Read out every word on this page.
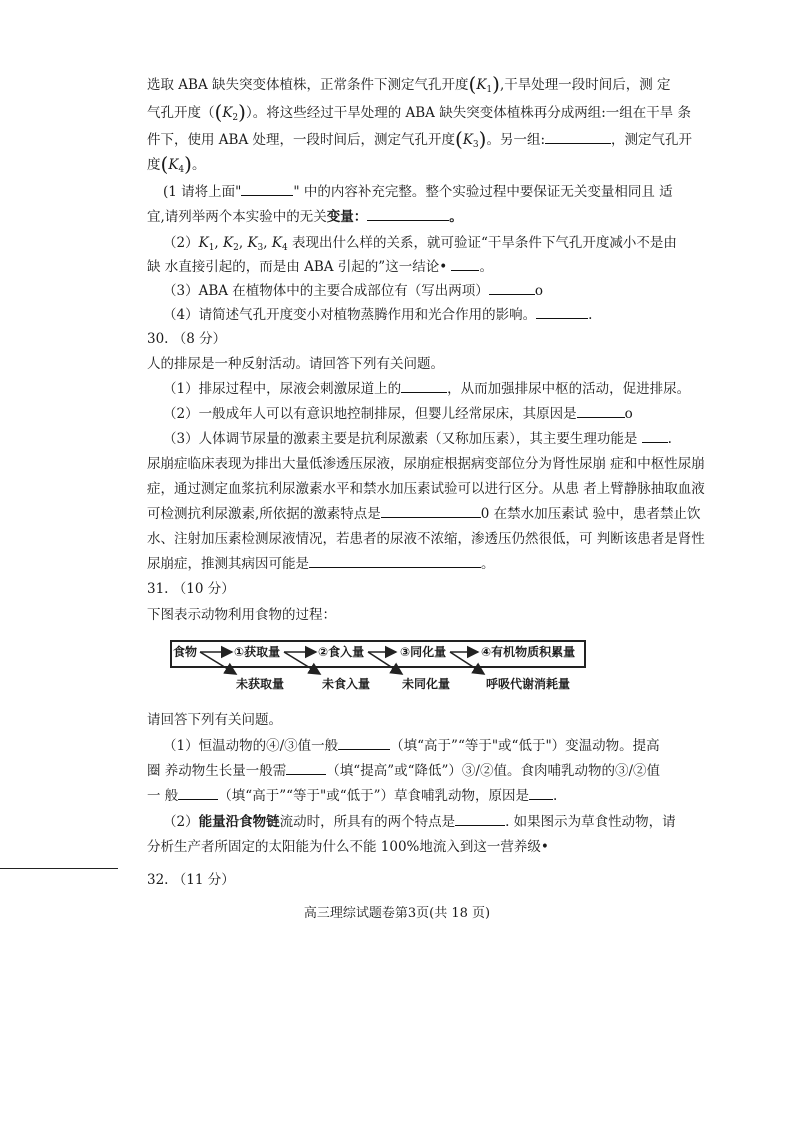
选取 ABA 缺失突变体植株，正常条件下测定气孔开度$(K_1)$,干旱处理一段时间后，测 定
气孔开度$((K_2))$。将这些经过干旱处理的 ABA 缺失突变体植株再分成两组:一组在干旱 条
件下，使用 ABA 处理，一段时间后，测定气孔开度$(K_3)$。另一组:	，测定气孔开
度$(K_4)$。
(1 请将上面"	" 中的内容补充完整。整个实验过程中要保证无关变量相同且 适
宜,请列举两个本实验中的无关变量：	。
$(2)K_1$, $K_2$, $K_3$, $K_4$ 表现出什么样的关系，就可验证“干旱条件下气孔开度减小不是由
缺 水直接引起的，而是由 ABA 引起的”这一结论• 。
（3）ABA 在植物体中的主要合成部位有（写出两项）	o
（4）请简述气孔开度变小对植物蒸腾作用和光合作用的影响。	.
30. （8 分）
人的排尿是一种反射活动。请回答下列有关问题。
（1）排尿过程中，尿液会刺激尿道上的	，从而加强排尿中枢的活动，促进排尿。
（2）一般成年人可以有意识地控制排尿，但婴儿经常尿床，其原因是	o
（3）人体调节尿量的激素主要是抗利尿激素（又称加压素），其主要生理功能是 .
尿崩症临床表现为排出大量低渗透压尿液，尿崩症根据病变部位分为肾性尿崩 症和中枢性尿崩
症，通过测定血浆抗利尿激素水平和禁水加压素试验可以进行区分。从患 者上臂静脉抽取血液
可检测抗利尿激素,所依据的激素特点是	0 在禁水加压素试 验中，患者禁止饮
水、注射加压素检测尿液情况，若患者的尿液不浓缩，渗透压仍然很低，可 判断该患者是肾性
尿崩症，推测其病因可能是	。
31. （10 分）
下图表示动物利用食物的过程：
食物	①获取量	②食入量	③同化量	④有机物质积累量
未获取量	未食入量	未同化量	呼吸代谢消耗量
请回答下列有关问题。
（1）恒温动物的④/③值一般	（填“高于”“等于"或“低于"）变温动物。提高
圈 养动物生长量一般需	（填“提高”或“降低”）③/②值。食肉哺乳动物的③/②值
一 般	（填“高于”“等于"或“低于”）草食哺乳动物，原因是 .
（2）能量沿食物链流动时，所具有的两个特点是	. 如果图示为草食性动物，请
分析生产者所固定的太阳能为什么不能 100%地流入到这一营养级•
32. （11 分）
高三理综试题卷第3页(共 18 页)
